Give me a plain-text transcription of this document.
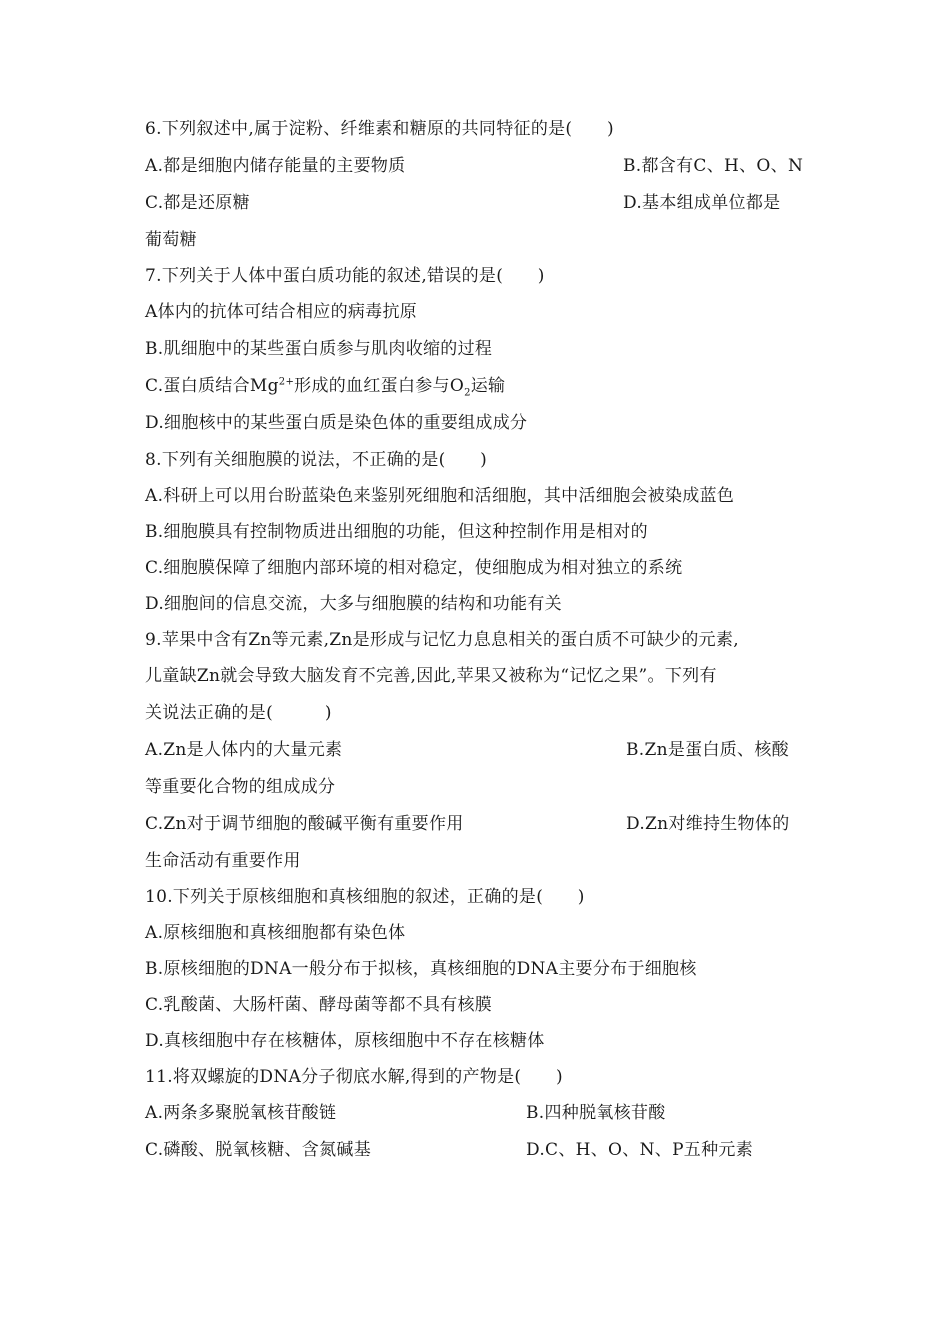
6.下列叙述中,属于淀粉、纤维素和糖原的共同特征的是(　　)
A.都是细胞内储存能量的主要物质	B.都含有C、H、O、N
C.都是还原糖	D.基本组成单位都是
葡萄糖
7.下列关于人体中蛋白质功能的叙述,错误的是(　　)
A体内的抗体可结合相应的病毒抗原
B.肌细胞中的某些蛋白质参与肌肉收缩的过程
C.蛋白质结合$Mg^{2+}$形成的血红蛋白参与$O_2$运输
D.细胞核中的某些蛋白质是染色体的重要组成成分
8.下列有关细胞膜的说法，不正确的是(　　)
A.科研上可以用台盼蓝染色来鉴别死细胞和活细胞，其中活细胞会被染成蓝色
B.细胞膜具有控制物质进出细胞的功能，但这种控制作用是相对的
C.细胞膜保障了细胞内部环境的相对稳定，使细胞成为相对独立的系统
D.细胞间的信息交流，大多与细胞膜的结构和功能有关
9.苹果中含有Zn等元素,Zn是形成与记忆力息息相关的蛋白质不可缺少的元素,
儿童缺Zn就会导致大脑发育不完善,因此,苹果又被称为“记忆之果”。下列有
关说法正确的是(　　　)
A.Zn是人体内的大量元素	B.Zn是蛋白质、核酸
等重要化合物的组成成分
C.Zn对于调节细胞的酸碱平衡有重要作用	D.Zn对维持生物体的
生命活动有重要作用
10.下列关于原核细胞和真核细胞的叙述，正确的是(　　)
A.原核细胞和真核细胞都有染色体
B.原核细胞的DNA一般分布于拟核，真核细胞的DNA主要分布于细胞核
C.乳酸菌、大肠杆菌、酵母菌等都不具有核膜
D.真核细胞中存在核糖体，原核细胞中不存在核糖体
11.将双螺旋的DNA分子彻底水解,得到的产物是(　　)
A.两条多聚脱氧核苷酸链	B.四种脱氧核苷酸
C.磷酸、脱氧核糖、含氮碱基	D.C、H、O、N、P五种元素
